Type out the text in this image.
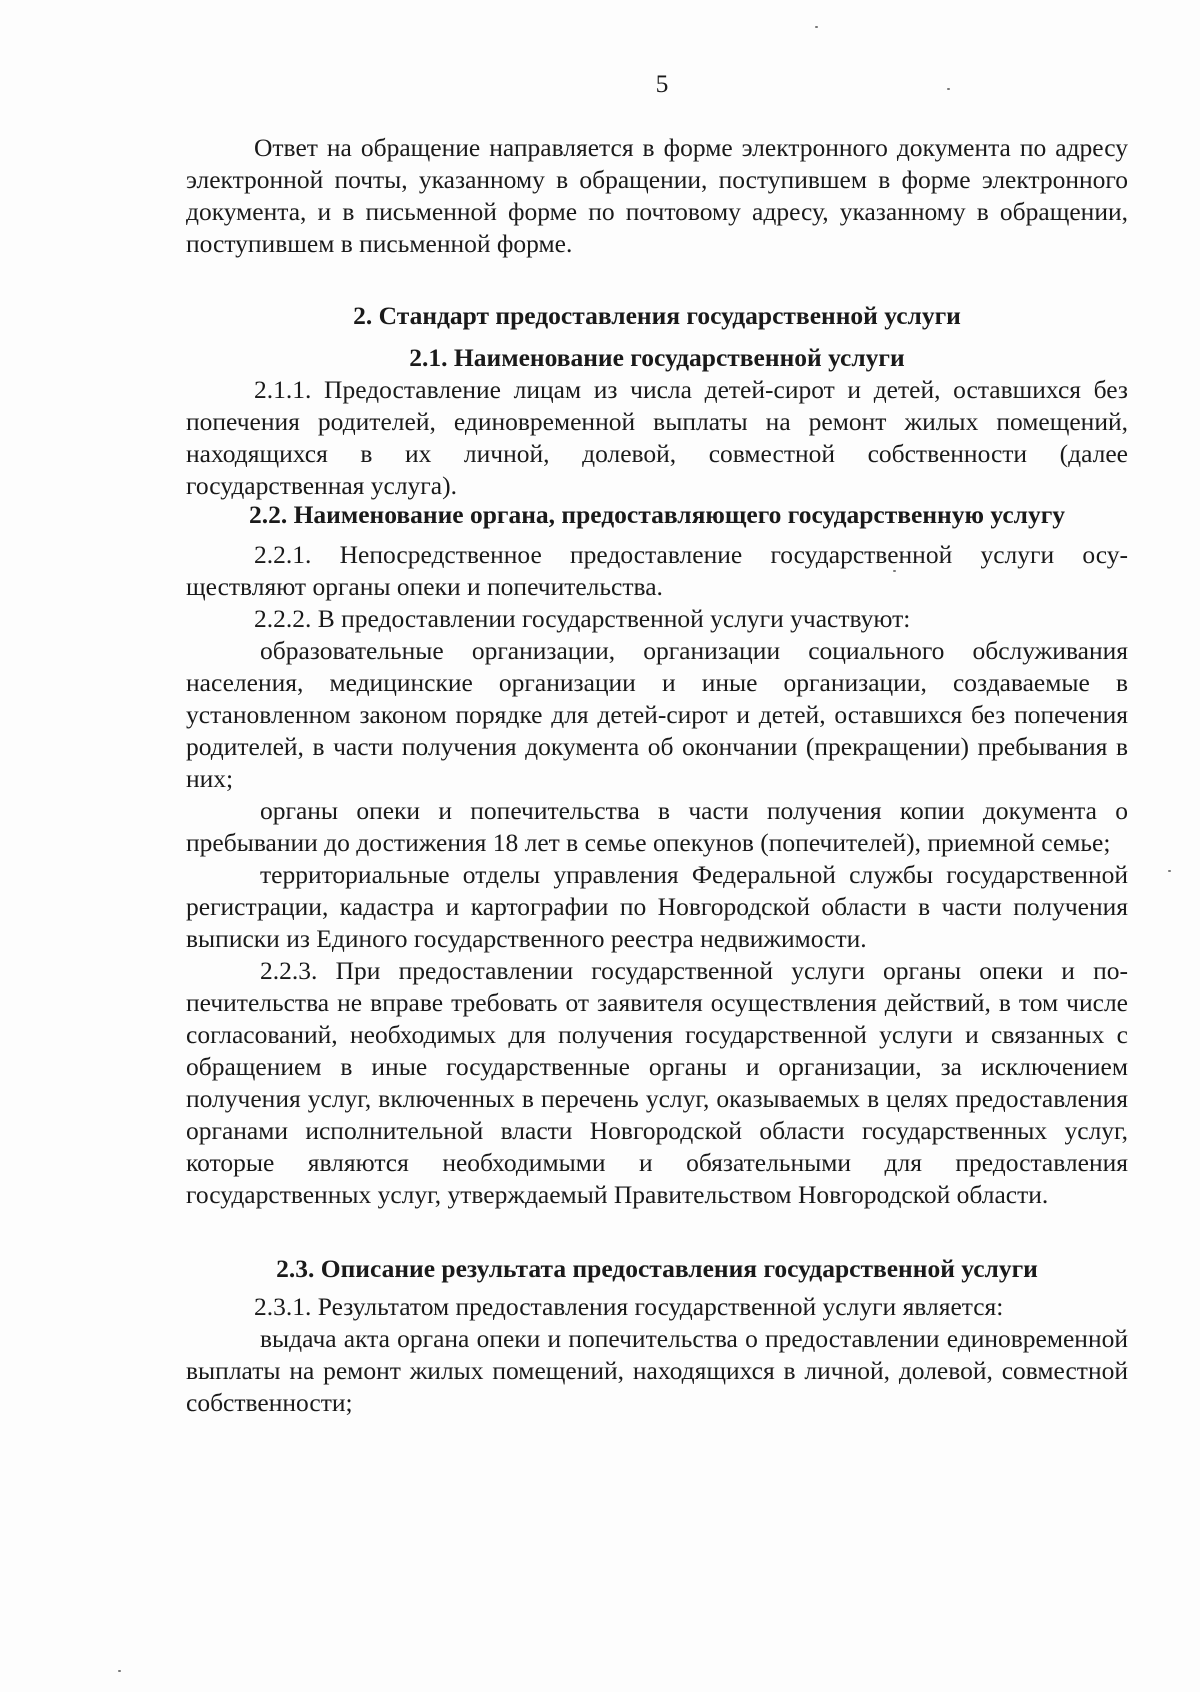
5

Ответ на обращение направляется в форме электронного документа по адресу электронной почты, указанному в обращении, поступившем в форме электронного документа, и в письменной форме по почтовому адресу, указанному в обращении, поступившем в письменной форме.

2. Стандарт предоставления государственной услуги
2.1. Наименование государственной услуги

2.1.1. Предоставление лицам из числа детей-сирот и детей, оставшихся без попечения родителей, единовременной выплаты на ремонт жилых помещений, находящихся в их личной, долевой, совместной собственности (далее государственная услуга).

2.2. Наименование органа, предоставляющего государственную услугу

2.2.1. Непосредственное предоставление государственной услуги осуществляют органы опеки и попечительства.

2.2.2. В предоставлении государственной услуги участвуют:

образовательные организации, организации социального обслуживания населения, медицинские организации и иные организации, создаваемые в установленном законом порядке для детей-сирот и детей, оставшихся без попечения родителей, в части получения документа об окончании (прекращении) пребывания в них;

органы опеки и попечительства в части получения копии документа о пребывании до достижения 18 лет в семье опекунов (попечителей), приемной семье;

территориальные отделы управления Федеральной службы государственной регистрации, кадастра и картографии по Новгородской области в части получения выписки из Единого государственного реестра недвижимости.

2.2.3. При предоставлении государственной услуги органы опеки и попечительства не вправе требовать от заявителя осуществления действий, в том числе согласований, необходимых для получения государственной услуги и связанных с обращением в иные государственные органы и организации, за исключением получения услуг, включенных в перечень услуг, оказываемых в целях предоставления органами исполнительной власти Новгородской области государственных услуг, которые являются необходимыми и обязательными для предоставления государственных услуг, утверждаемый Правительством Новгородской области.

2.3. Описание результата предоставления государственной услуги

2.3.1. Результатом предоставления государственной услуги является:

выдача акта органа опеки и попечительства о предоставлении единовременной выплаты на ремонт жилых помещений, находящихся в личной, долевой, совместной собственности;
